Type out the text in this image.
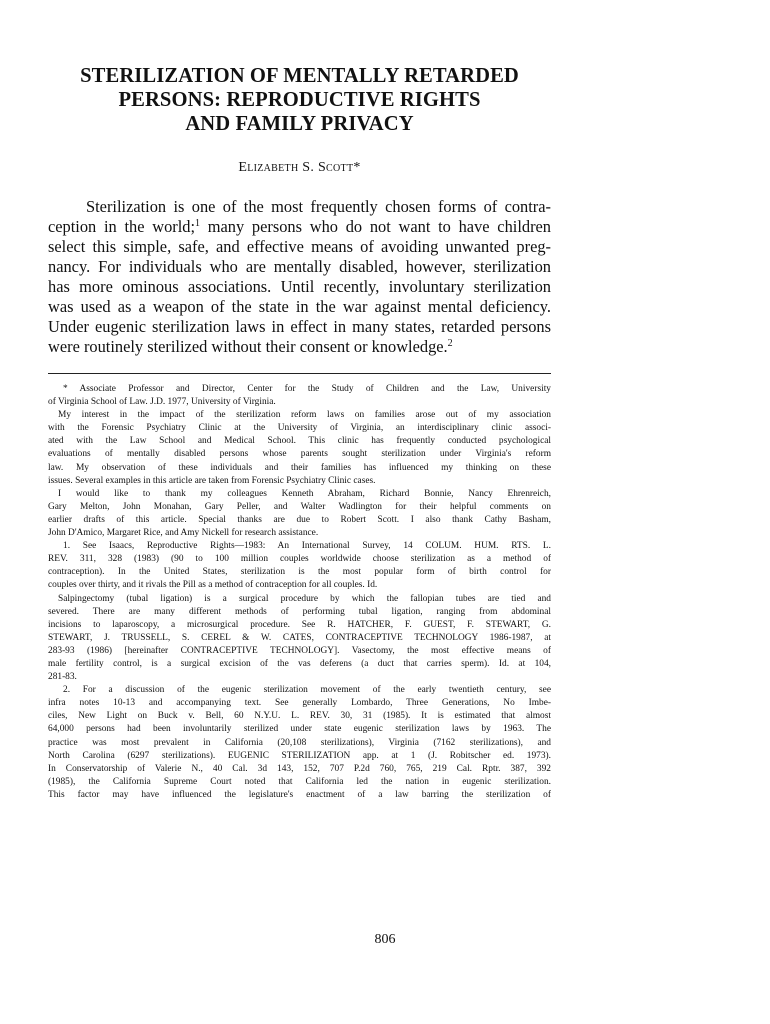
STERILIZATION OF MENTALLY RETARDED
PERSONS: REPRODUCTIVE RIGHTS
AND FAMILY PRIVACY
Elizabeth S. Scott*
Sterilization is one of the most frequently chosen forms of contra-
ception in the world;$^1$ many persons who do not want to have children
select this simple, safe, and effective means of avoiding unwanted preg-
nancy. For individuals who are mentally disabled, however, sterilization
has more ominous associations. Until recently, involuntary sterilization
was used as a weapon of the state in the war against mental deficiency.
Under eugenic sterilization laws in effect in many states, retarded persons
were routinely sterilized without their consent or knowledge.$^2$
* Associate Professor and Director, Center for the Study of Children and the Law, University
of Virginia School of Law. J.D. 1977, University of Virginia.
My interest in the impact of the sterilization reform laws on families arose out of my association
with the Forensic Psychiatry Clinic at the University of Virginia, an interdisciplinary clinic associ-
ated with the Law School and Medical School. This clinic has frequently conducted psychological
evaluations of mentally disabled persons whose parents sought sterilization under Virginia's reform
law. My observation of these individuals and their families has influenced my thinking on these
issues. Several examples in this article are taken from Forensic Psychiatry Clinic cases.
I would like to thank my colleagues Kenneth Abraham, Richard Bonnie, Nancy Ehrenreich,
Gary Melton, John Monahan, Gary Peller, and Walter Wadlington for their helpful comments on
earlier drafts of this article. Special thanks are due to Robert Scott. I also thank Cathy Basham,
John D'Amico, Margaret Rice, and Amy Nickell for research assistance.
1. See Isaacs, Reproductive Rights—1983: An International Survey, 14 COLUM. HUM. RTS. L.
REV. 311, 328 (1983) (90 to 100 million couples worldwide choose sterilization as a method of
contraception). In the United States, sterilization is the most popular form of birth control for
couples over thirty, and it rivals the Pill as a method of contraception for all couples. Id.
Salpingectomy (tubal ligation) is a surgical procedure by which the fallopian tubes are tied and
severed. There are many different methods of performing tubal ligation, ranging from abdominal
incisions to laparoscopy, a microsurgical procedure. See R. HATCHER, F. GUEST, F. STEWART, G.
STEWART, J. TRUSSELL, S. CEREL & W. CATES, CONTRACEPTIVE TECHNOLOGY 1986-1987, at
283-93 (1986) [hereinafter CONTRACEPTIVE TECHNOLOGY]. Vasectomy, the most effective means of
male fertility control, is a surgical excision of the vas deferens (a duct that carries sperm). Id. at 104,
281-83.
2. For a discussion of the eugenic sterilization movement of the early twentieth century, see
infra notes 10-13 and accompanying text. See generally Lombardo, Three Generations, No Imbe-
ciles, New Light on Buck v. Bell, 60 N.Y.U. L. REV. 30, 31 (1985). It is estimated that almost
64,000 persons had been involuntarily sterilized under state eugenic sterilization laws by 1963. The
practice was most prevalent in California (20,108 sterilizations), Virginia (7162 sterilizations), and
North Carolina (6297 sterilizations). EUGENIC STERILIZATION app. at 1 (J. Robitscher ed. 1973).
In Conservatorship of Valerie N., 40 Cal. 3d 143, 152, 707 P.2d 760, 765, 219 Cal. Rptr. 387, 392
(1985), the California Supreme Court noted that California led the nation in eugenic sterilization.
This factor may have influenced the legislature's enactment of a law barring the sterilization of
806
